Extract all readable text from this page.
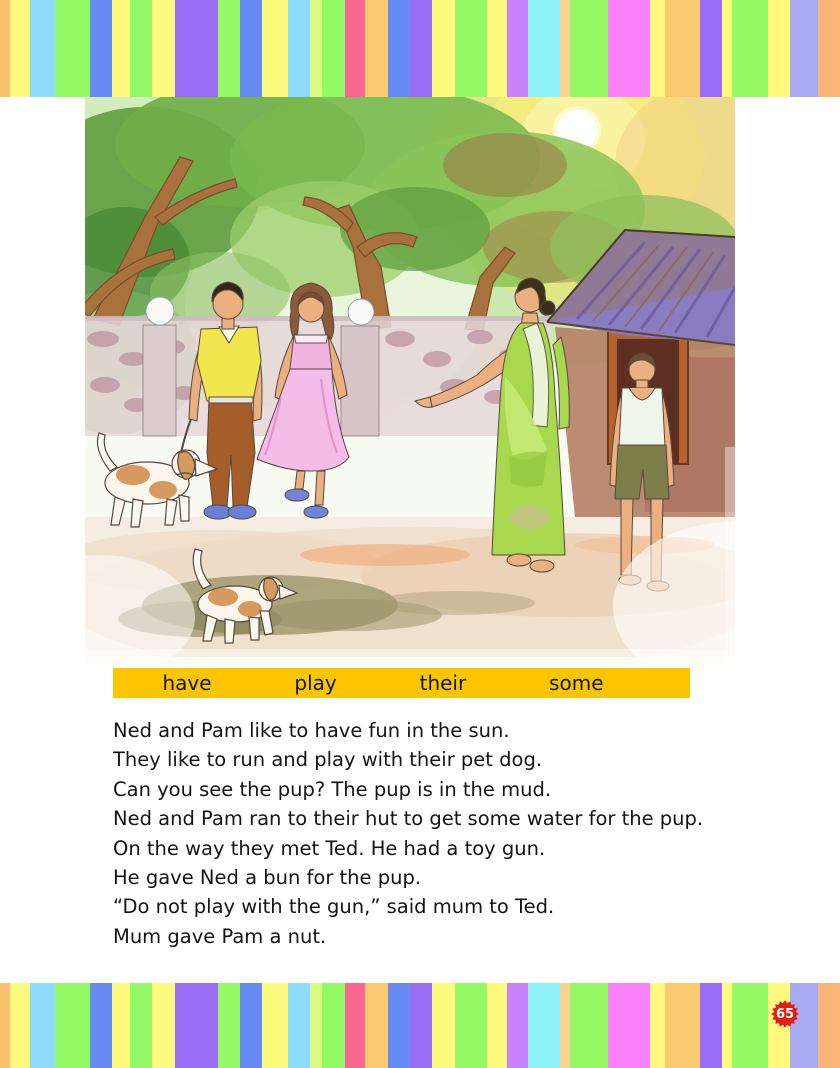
have	play	their	some
Ned and Pam like to have fun in the sun.
They like to run and play with their pet dog.
Can you see the pup? The pup is in the mud.
Ned and Pam ran to their hut to get some water for the pup.
On the way they met Ted. He had a toy gun.
He gave Ned a bun for the pup.
“Do not play with the gun,” said mum to Ted.
Mum gave Pam a nut.
65
